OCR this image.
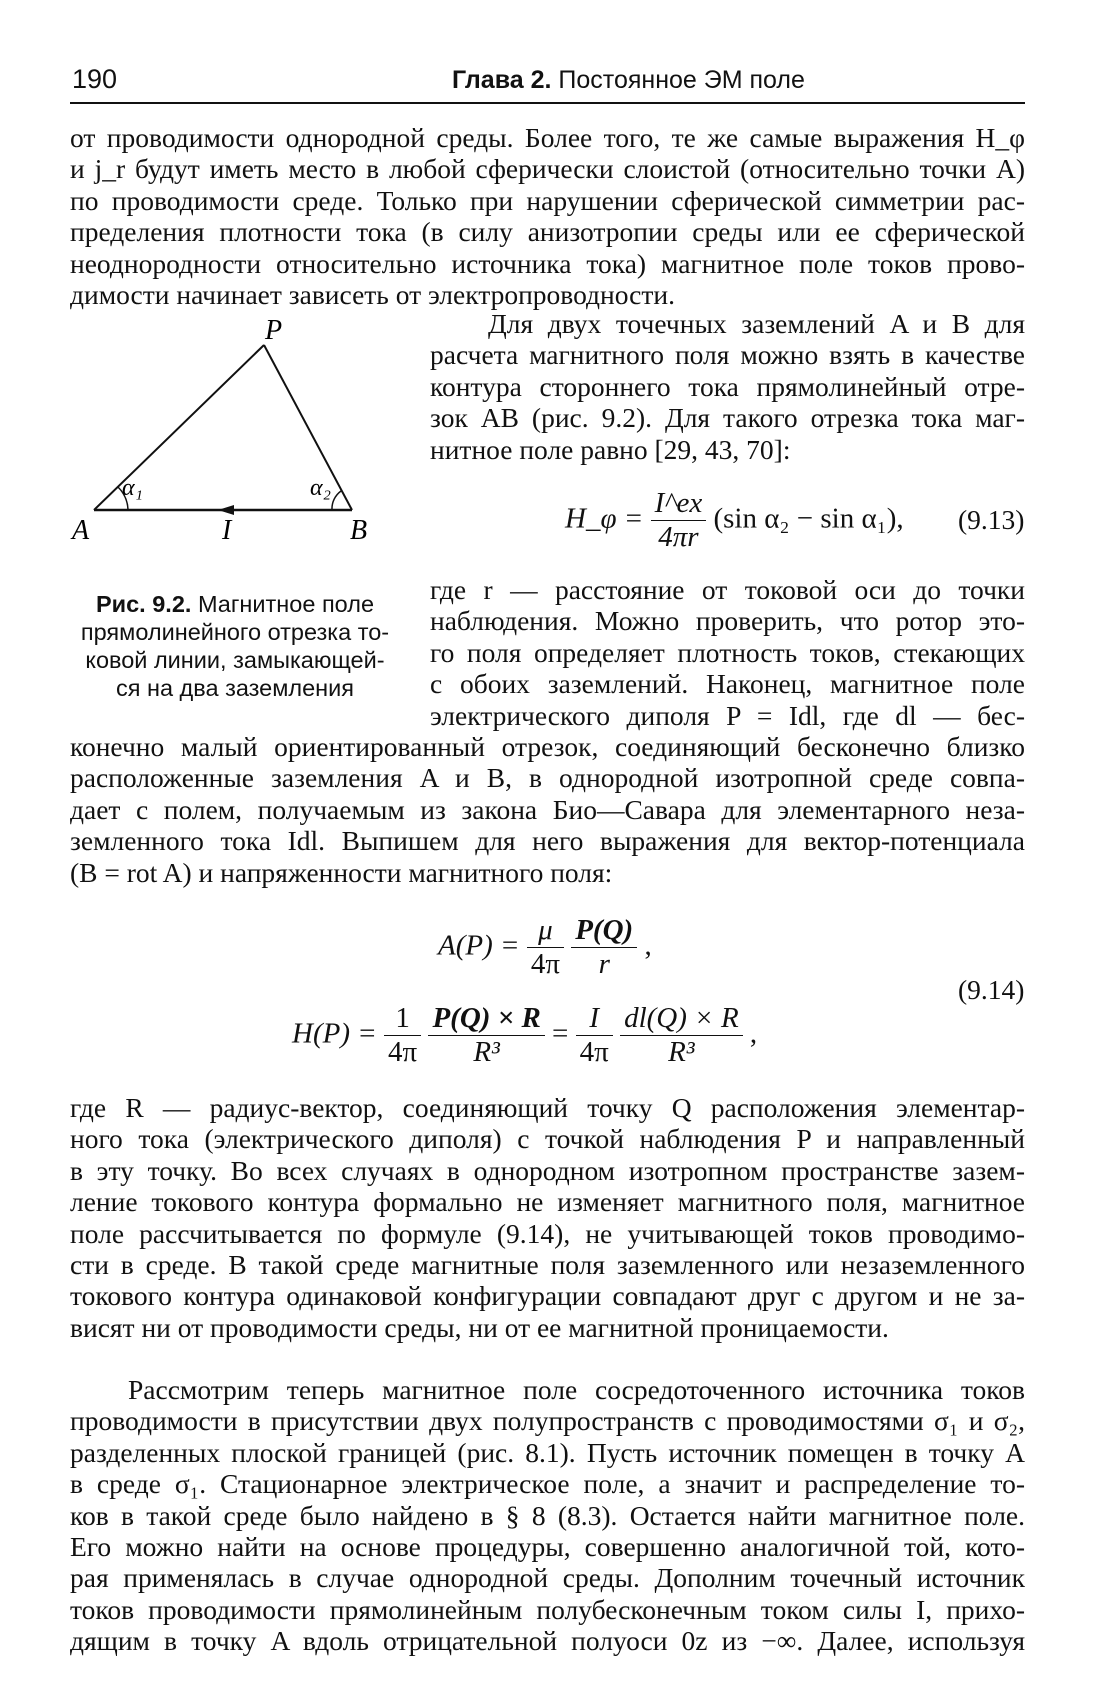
190	Глава 2. Постоянное ЭМ поле
от проводимости однородной среды. Более того, те же самые выражения H_φ
и j_r будут иметь место в любой сферически слоистой (относительно точки A)
по проводимости среде. Только при нарушении сферической симметрии рас-
пределения плотности тока (в силу анизотропии среды или ее сферической
неоднородности относительно источника тока) магнитное поле токов прово-
димости начинает зависеть от электропроводности.
P
A	B
α₁	α₂
I
Рис. 9.2. Магнитное поле
прямолинейного отрезка то-
ковой линии, замыкающей-
ся на два заземления
Для двух точечных заземлений A и B для
расчета магнитного поля можно взять в качестве
контура стороннего тока прямолинейный отре-
зок AB (рис. 9.2). Для такого отрезка тока маг-
нитное поле равно [29, 43, 70]:
H_φ = $\frac{I\^{}ex}{4\pi r} (\sin$ α₂ − sin α₁), (9.13)
где r — расстояние от токовой оси до точки
наблюдения. Можно проверить, что ротор это-
го поля определяет плотность токов, стекающих
с обоих заземлений. Наконец, магнитное поле
электрического диполя P = Idl, где dl — бес-
конечно малый ориентированный отрезок, соединяющий бесконечно близко
расположенные заземления A и B, в однородной изотропной среде совпа-
дает с полем, получаемым из закона Био—Савара для элементарного неза-
земленного тока Idl. Выпишем для него выражения для вектор-потенциала
(B = rot A) и напряженности магнитного поля:
$A(P) = \frac{\mu}{4\pi}$
$\frac{P(Q)}{r}$ ,
$H(P) = \frac{1}{4\pi}$
$\frac{P(Q) \times R}{\text{R³}} = \frac{I}{4\pi}$
$\frac{dl(Q) \times R}{\text{R³}}$ ,
(9.14)
где R — радиус-вектор, соединяющий точку Q расположения элементар-
ного тока (электрического диполя) с точкой наблюдения P и направленный
в эту точку. Во всех случаях в однородном изотропном пространстве зазем-
ление токового контура формально не изменяет магнитного поля, магнитное
поле рассчитывается по формуле (9.14), не учитывающей токов проводимо-
сти в среде. В такой среде магнитные поля заземленного или незаземленного
токового контура одинаковой конфигурации совпадают друг с другом и не за-
висят ни от проводимости среды, ни от ее магнитной проницаемости.
Рассмотрим теперь магнитное поле сосредоточенного источника токов
проводимости в присутствии двух полупространств с проводимостями σ₁ и σ₂,
разделенных плоской границей (рис. 8.1). Пусть источник помещен в точку A
в среде σ₁. Стационарное электрическое поле, а значит и распределение то-
ков в такой среде было найдено в § 8 (8.3). Остается найти магнитное поле.
Его можно найти на основе процедуры, совершенно аналогичной той, кото-
рая применялась в случае однородной среды. Дополним точечный источник
токов проводимости прямолинейным полубесконечным током силы I, прихо-
дящим в точку A вдоль отрицательной полуоси 0z из −∞. Далее, используя
